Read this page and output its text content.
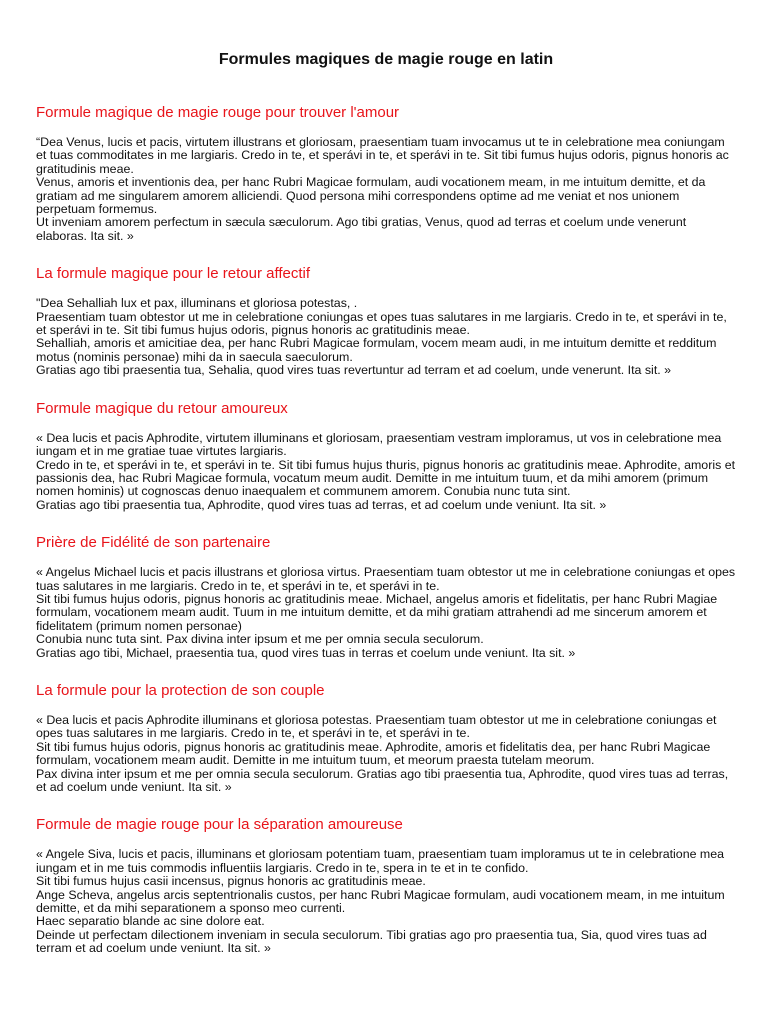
Formules magiques de magie rouge en latin
Formule magique de magie rouge pour trouver l'amour

“Dea Venus, lucis et pacis, virtutem illustrans et gloriosam, praesentiam tuam invocamus ut te in celebratione mea coniungam et tuas commoditates in me largiaris. Credo in te, et sperávi in te, et sperávi in te. Sit tibi fumus hujus odoris, pignus honoris ac gratitudinis meae.
Venus, amoris et inventionis dea, per hanc Rubri Magicae formulam, audi vocationem meam, in me intuitum demitte, et da gratiam ad me singularem amorem alliciendi. Quod persona mihi correspondens optime ad me veniat et nos unionem perpetuam formemus.
Ut inveniam amorem perfectum in sæcula sæculorum. Ago tibi gratias, Venus, quod ad terras et coelum unde venerunt elaboras. Ita sit. »

La formule magique pour le retour affectif

"Dea Sehalliah lux et pax, illuminans et gloriosa potestas, .
Praesentiam tuam obtestor ut me in celebratione coniungas et opes tuas salutares in me largiaris. Credo in te, et sperávi in te, et sperávi in te. Sit tibi fumus hujus odoris, pignus honoris ac gratitudinis meae.
Sehalliah, amoris et amicitiae dea, per hanc Rubri Magicae formulam, vocem meam audi, in me intuitum demitte et redditum motus (nominis personae) mihi da in saecula saeculorum.
Gratias ago tibi praesentia tua, Sehalia, quod vires tuas revertuntur ad terram et ad coelum, unde venerunt. Ita sit. »

Formule magique du retour amoureux

« Dea lucis et pacis Aphrodite, virtutem illuminans et gloriosam, praesentiam vestram imploramus, ut vos in celebratione mea iungam et in me gratiae tuae virtutes largiaris.
Credo in te, et sperávi in te, et sperávi in te. Sit tibi fumus hujus thuris, pignus honoris ac gratitudinis meae. Aphrodite, amoris et passionis dea, hac Rubri Magicae formula, vocatum meum audit. Demitte in me intuitum tuum, et da mihi amorem (primum nomen hominis) ut cognoscas denuo inaequalem et communem amorem. Conubia nunc tuta sint.
Gratias ago tibi praesentia tua, Aphrodite, quod vires tuas ad terras, et ad coelum unde veniunt. Ita sit. »

Prière de Fidélité de son partenaire

« Angelus Michael lucis et pacis illustrans et gloriosa virtus. Praesentiam tuam obtestor ut me in celebratione coniungas et opes tuas salutares in me largiaris. Credo in te, et sperávi in te, et sperávi in te.
Sit tibi fumus hujus odoris, pignus honoris ac gratitudinis meae. Michael, angelus amoris et fidelitatis, per hanc Rubri Magiae formulam, vocationem meam audit. Tuum in me intuitum demitte, et da mihi gratiam attrahendi ad me sincerum amorem et fidelitatem (primum nomen personae)
Conubia nunc tuta sint. Pax divina inter ipsum et me per omnia secula seculorum.
Gratias ago tibi, Michael, praesentia tua, quod vires tuas in terras et coelum unde veniunt. Ita sit. »

La formule pour la protection de son couple

« Dea lucis et pacis Aphrodite illuminans et gloriosa potestas. Praesentiam tuam obtestor ut me in celebratione coniungas et opes tuas salutares in me largiaris. Credo in te, et sperávi in te, et sperávi in te.
Sit tibi fumus hujus odoris, pignus honoris ac gratitudinis meae. Aphrodite, amoris et fidelitatis dea, per hanc Rubri Magicae formulam, vocationem meam audit. Demitte in me intuitum tuum, et meorum praesta tutelam meorum.
Pax divina inter ipsum et me per omnia secula seculorum. Gratias ago tibi praesentia tua, Aphrodite, quod vires tuas ad terras, et ad coelum unde veniunt. Ita sit. »

Formule de magie rouge pour la séparation amoureuse

« Angele Siva, lucis et pacis, illuminans et gloriosam potentiam tuam, praesentiam tuam imploramus ut te in celebratione mea iungam et in me tuis commodis influentiis largiaris. Credo in te, spera in te et in te confido.
Sit tibi fumus hujus casii incensus, pignus honoris ac gratitudinis meae.
Ange Scheva, angelus arcis septentrionalis custos, per hanc Rubri Magicae formulam, audi vocationem meam, in me intuitum demitte, et da mihi separationem a sponso meo currenti.
Haec separatio blande ac sine dolore eat.
Deinde ut perfectam dilectionem inveniam in secula seculorum. Tibi gratias ago pro praesentia tua, Sia, quod vires tuas ad terram et ad coelum unde veniunt. Ita sit. »
